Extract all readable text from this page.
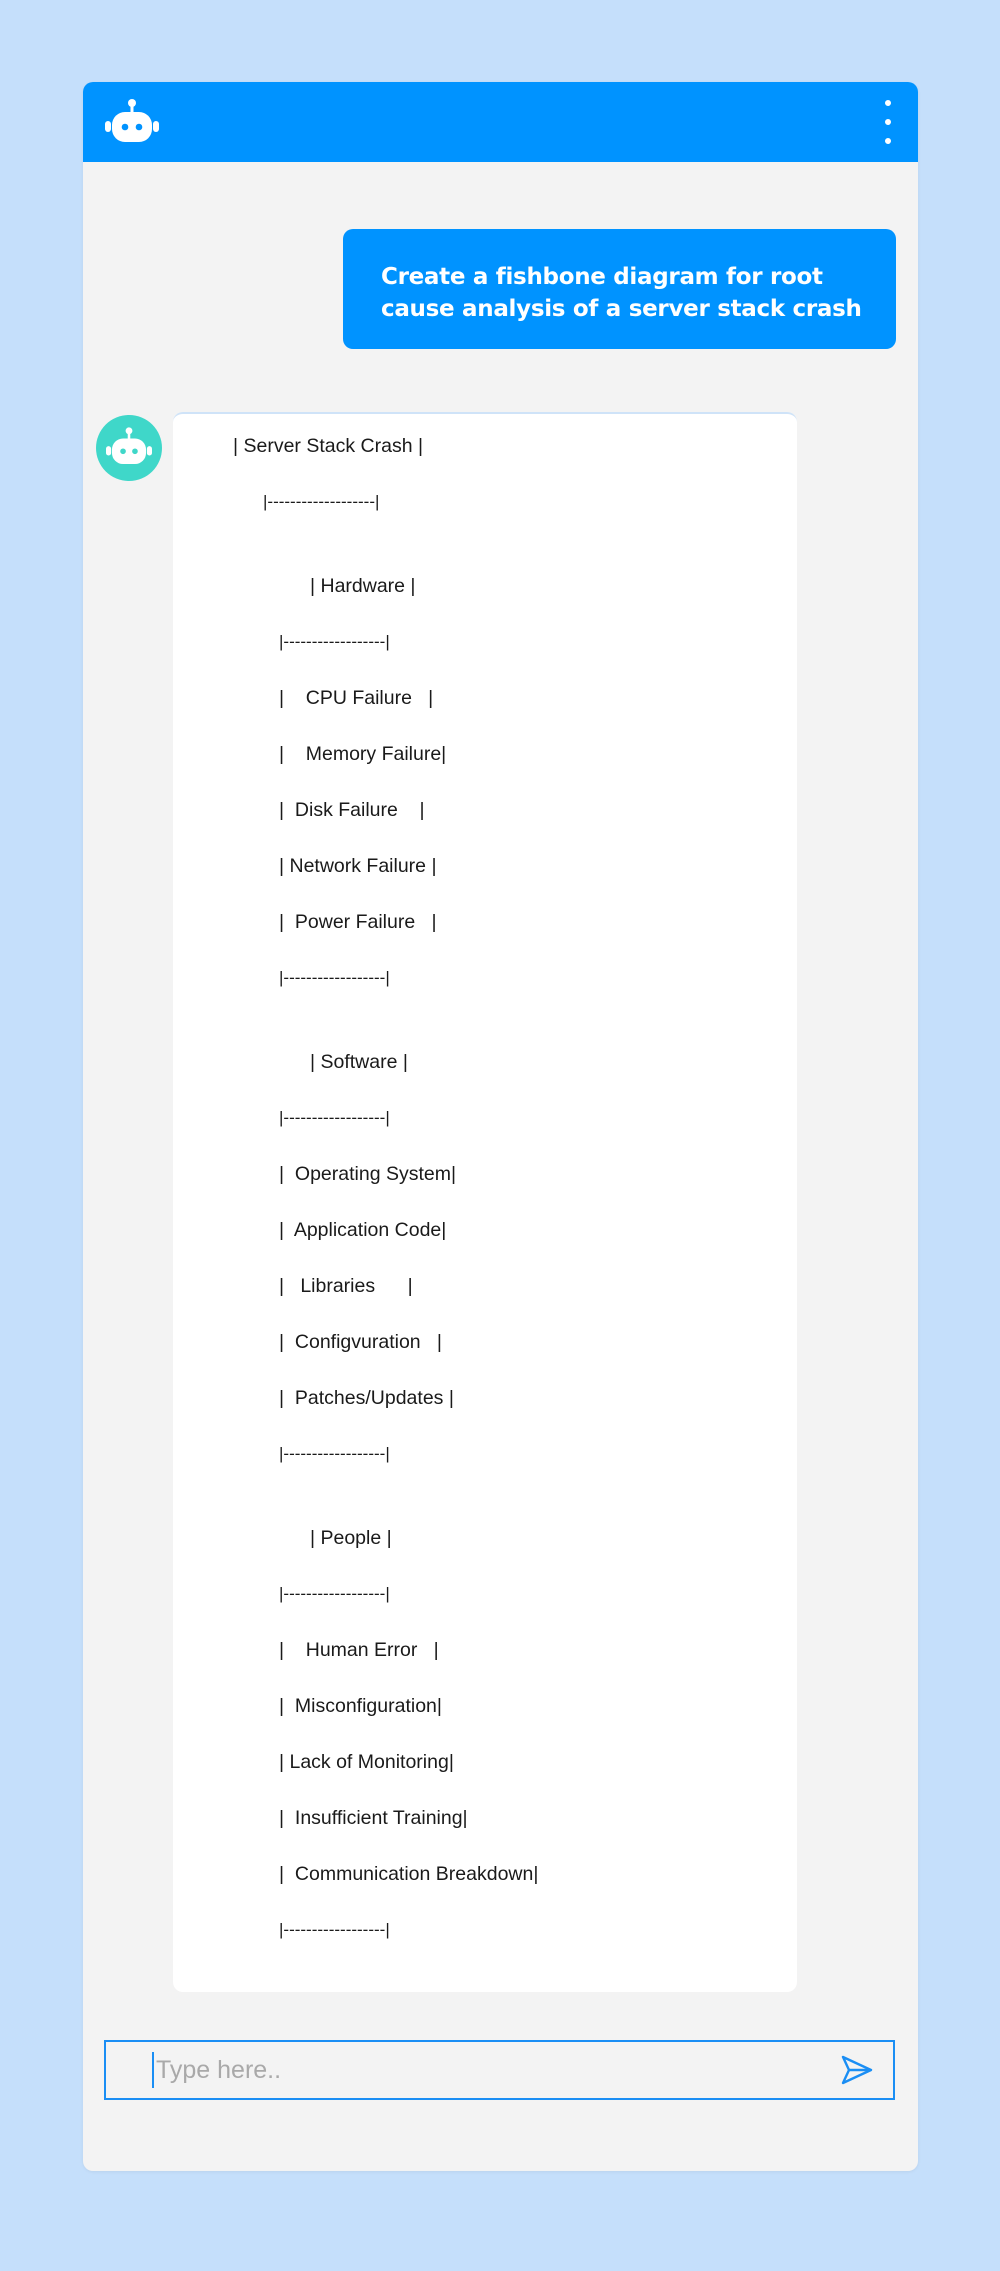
Create a fishbone diagram for root cause analysis of a server stack crash
| Server Stack Crash |
|-------------------|
| Hardware |
|------------------|
|    CPU Failure   |
|    Memory Failure|
|  Disk Failure    |
| Network Failure |
|  Power Failure   |
|------------------|
| Software |
|------------------|
|  Operating System|
|  Application Code|
|   Libraries      |
|  Configvuration   |
|  Patches/Updates |
|------------------|
| People |
|------------------|
|    Human Error   |
|  Misconfiguration|
| Lack of Monitoring|
|  Insufficient Training|
|  Communication Breakdown|
|------------------|
Type here..
